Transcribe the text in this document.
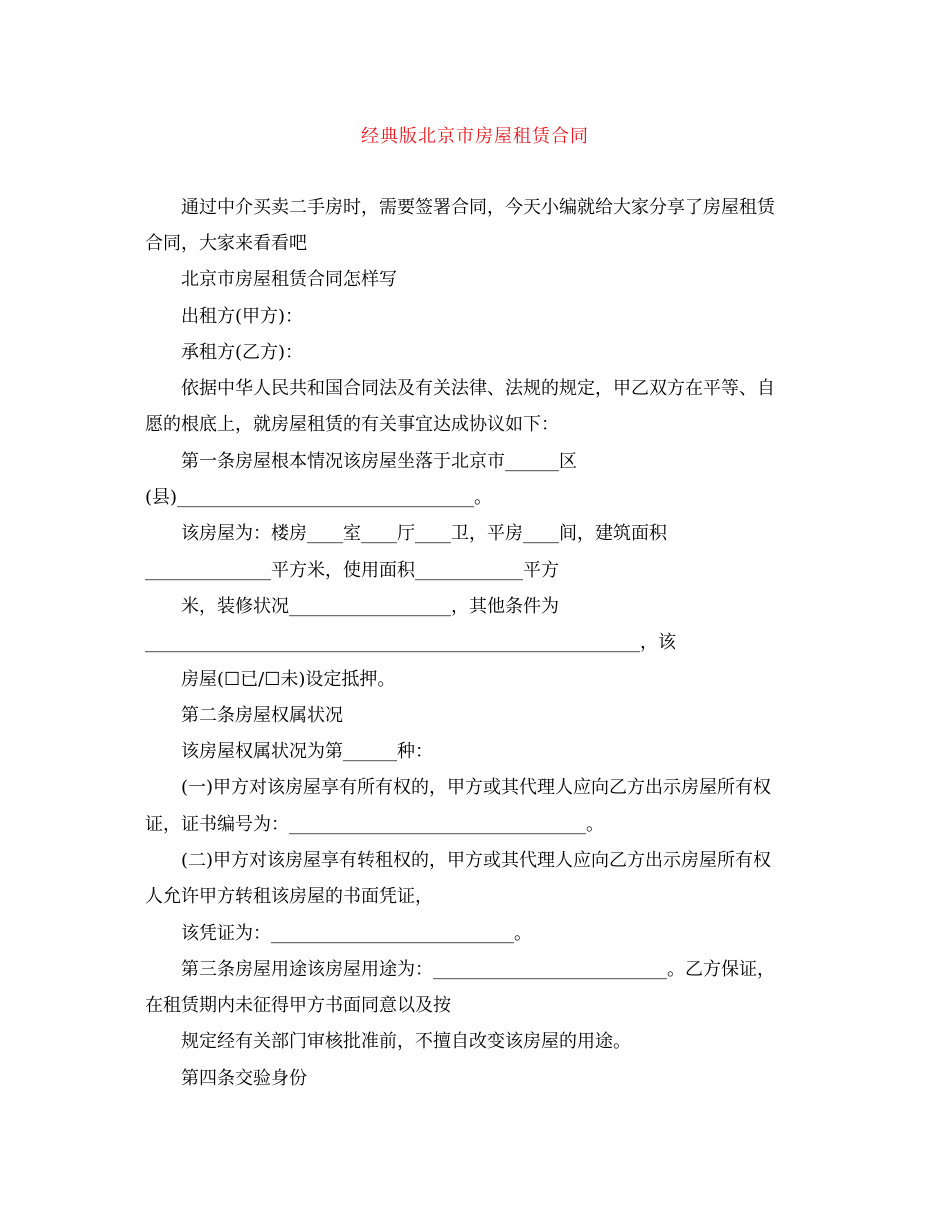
经典版北京市房屋租赁合同
通过中介买卖二手房时，需要签署合同，今天小编就给大家分享了房屋租赁
合同，大家来看看吧
北京市房屋租赁合同怎样写
出租方(甲方)：
承租方(乙方)：
依据中华人民共和国合同法及有关法律、法规的规定，甲乙双方在平等、自
愿的根底上，就房屋租赁的有关事宜达成协议如下：
第一条房屋根本情况该房屋坐落于北京市______区
(县)_________________________________。
该房屋为：楼房____室____厅____卫，平房____间，建筑面积
______________平方米，使用面积____________平方
米，装修状况__________________，其他条件为
_______________________________________________________，该
房屋(☐已/☐未)设定抵押。
第二条房屋权属状况
该房屋权属状况为第______种：
(一)甲方对该房屋享有所有权的，甲方或其代理人应向乙方出示房屋所有权
证，证书编号为：_________________________________。
(二)甲方对该房屋享有转租权的，甲方或其代理人应向乙方出示房屋所有权
人允许甲方转租该房屋的书面凭证，
该凭证为：___________________________。
第三条房屋用途该房屋用途为：__________________________。乙方保证，
在租赁期内未征得甲方书面同意以及按
规定经有关部门审核批准前，不擅自改变该房屋的用途。
第四条交验身份
